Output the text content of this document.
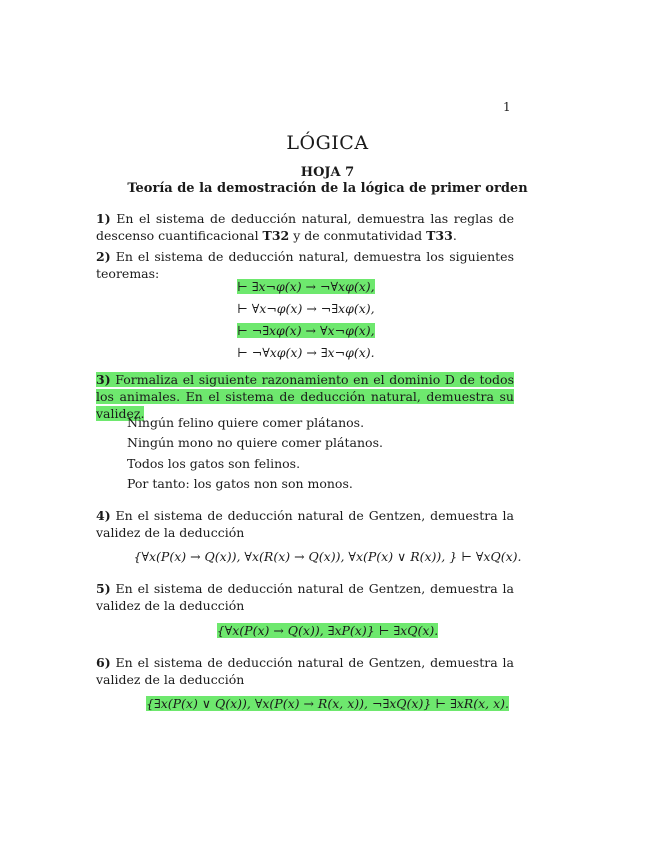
1
LÓGICA
HOJA 7
Teoría de la demostración de la lógica de primer orden
1) En el sistema de deducción natural, demuestra las reglas de descenso cuantificacional T32 y de conmutatividad T33.
2) En el sistema de deducción natural, demuestra los siguientes teoremas:
⊢ ∃x¬φ(x) → ¬∀xφ(x),
⊢ ∀x¬φ(x) → ¬∃xφ(x),
⊢ ¬∃xφ(x) → ∀x¬φ(x),
⊢ ¬∀xφ(x) → ∃x¬φ(x).
3) Formaliza el siguiente razonamiento en el dominio D de todos los animales. En el sistema de deducción natural, demuestra su validez.
Ningún felino quiere comer plátanos.
Ningún mono no quiere comer plátanos.
Todos los gatos son felinos.
Por tanto: los gatos non son monos.
4) En el sistema de deducción natural de Gentzen, demuestra la validez de la deducción
{∀x(P(x) → Q(x)), ∀x(R(x) → Q(x)), ∀x(P(x) ∨ R(x)), } ⊢ ∀xQ(x).
5) En el sistema de deducción natural de Gentzen, demuestra la validez de la deducción
{∀x(P(x) → Q(x)), ∃xP(x)} ⊢ ∃xQ(x).
6) En el sistema de deducción natural de Gentzen, demuestra la validez de la deducción
{∃x(P(x) ∨ Q(x)), ∀x(P(x) → R(x, x)), ¬∃xQ(x)} ⊢ ∃xR(x, x).
